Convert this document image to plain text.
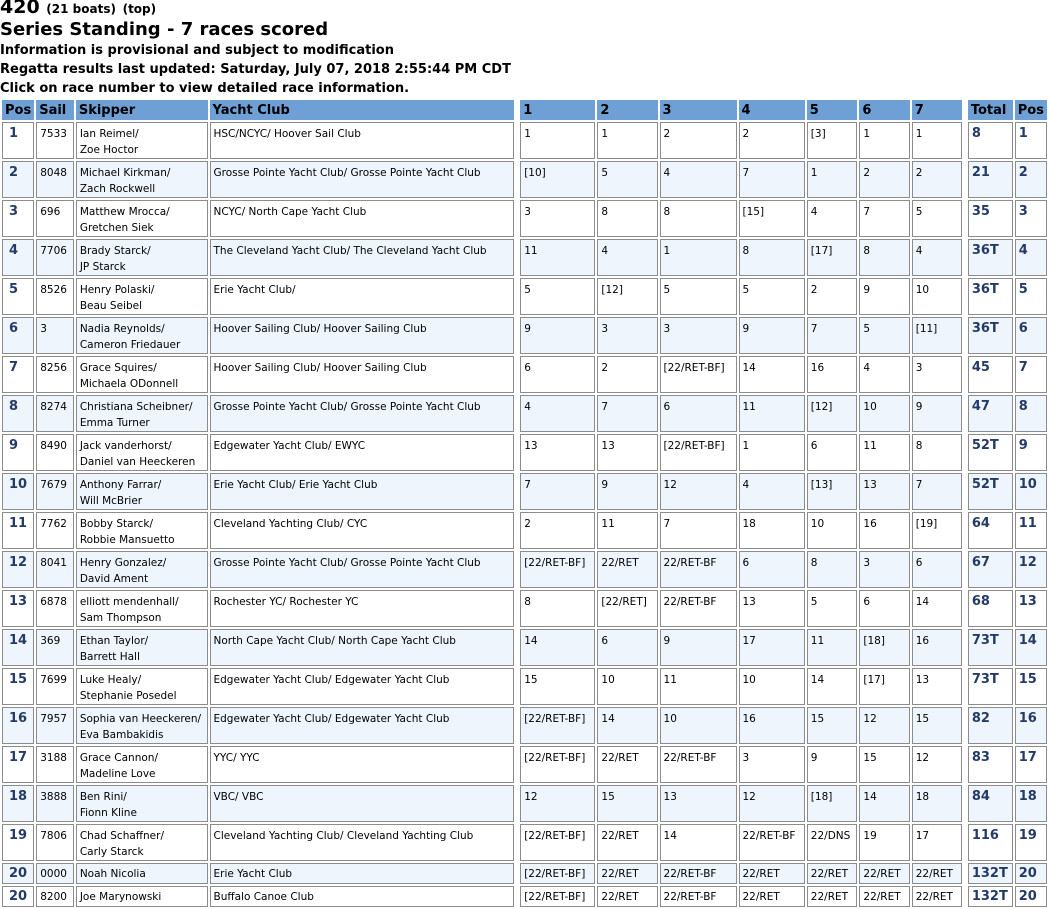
420 (21 boats) (top)
Series Standing - 7 races scored
Information is provisional and subject to modification
Regatta results last updated: Saturday, July 07, 2018 2:55:44 PM CDT
Click on race number to view detailed race information.
Pos	Sail	Skipper	Yacht Club		1	2	3	4	5	6	7		Total	Pos
1	7533	Ian Reimel/
Zoe Hoctor	HSC/NCYC/ Hoover Sail Club		1	1	2	2	[3]	1	1		8	1
2	8048	Michael Kirkman/
Zach Rockwell	Grosse Pointe Yacht Club/ Grosse Pointe Yacht Club		[10]	5	4	7	1	2	2		21	2
3	696	Matthew Mrocca/
Gretchen Siek	NCYC/ North Cape Yacht Club		3	8	8	[15]	4	7	5		35	3
4	7706	Brady Starck/
JP Starck	The Cleveland Yacht Club/ The Cleveland Yacht Club		11	4	1	8	[17]	8	4		36T	4
5	8526	Henry Polaski/
Beau Seibel	Erie Yacht Club/		5	[12]	5	5	2	9	10		36T	5
6	3	Nadia Reynolds/
Cameron Friedauer	Hoover Sailing Club/ Hoover Sailing Club		9	3	3	9	7	5	[11]		36T	6
7	8256	Grace Squires/
Michaela ODonnell	Hoover Sailing Club/ Hoover Sailing Club		6	2	[22/RET-BF]	14	16	4	3		45	7
8	8274	Christiana Scheibner/
Emma Turner	Grosse Pointe Yacht Club/ Grosse Pointe Yacht Club		4	7	6	11	[12]	10	9		47	8
9	8490	Jack vanderhorst/
Daniel van Heeckeren	Edgewater Yacht Club/ EWYC		13	13	[22/RET-BF]	1	6	11	8		52T	9
10	7679	Anthony Farrar/
Will McBrier	Erie Yacht Club/ Erie Yacht Club		7	9	12	4	[13]	13	7		52T	10
11	7762	Bobby Starck/
Robbie Mansuetto	Cleveland Yachting Club/ CYC		2	11	7	18	10	16	[19]		64	11
12	8041	Henry Gonzalez/
David Ament	Grosse Pointe Yacht Club/ Grosse Pointe Yacht Club		[22/RET-BF]	22/RET	22/RET-BF	6	8	3	6		67	12
13	6878	elliott mendenhall/
Sam Thompson	Rochester YC/ Rochester YC		8	[22/RET]	22/RET-BF	13	5	6	14		68	13
14	369	Ethan Taylor/
Barrett Hall	North Cape Yacht Club/ North Cape Yacht Club		14	6	9	17	11	[18]	16		73T	14
15	7699	Luke Healy/
Stephanie Posedel	Edgewater Yacht Club/ Edgewater Yacht Club		15	10	11	10	14	[17]	13		73T	15
16	7957	Sophia van Heeckeren/
Eva Bambakidis	Edgewater Yacht Club/ Edgewater Yacht Club		[22/RET-BF]	14	10	16	15	12	15		82	16
17	3188	Grace Cannon/
Madeline Love	YYC/ YYC		[22/RET-BF]	22/RET	22/RET-BF	3	9	15	12		83	17
18	3888	Ben Rini/
Fionn Kline	VBC/ VBC		12	15	13	12	[18]	14	18		84	18
19	7806	Chad Schaffner/
Carly Starck	Cleveland Yachting Club/ Cleveland Yachting Club		[22/RET-BF]	22/RET	14	22/RET-BF	22/DNS	19	17		116	19
20	0000	Noah Nicolia	Erie Yacht Club		[22/RET-BF]	22/RET	22/RET-BF	22/RET	22/RET	22/RET	22/RET		132T	20
20	8200	Joe Marynowski	Buffalo Canoe Club		[22/RET-BF]	22/RET	22/RET-BF	22/RET	22/RET	22/RET	22/RET		132T	20
